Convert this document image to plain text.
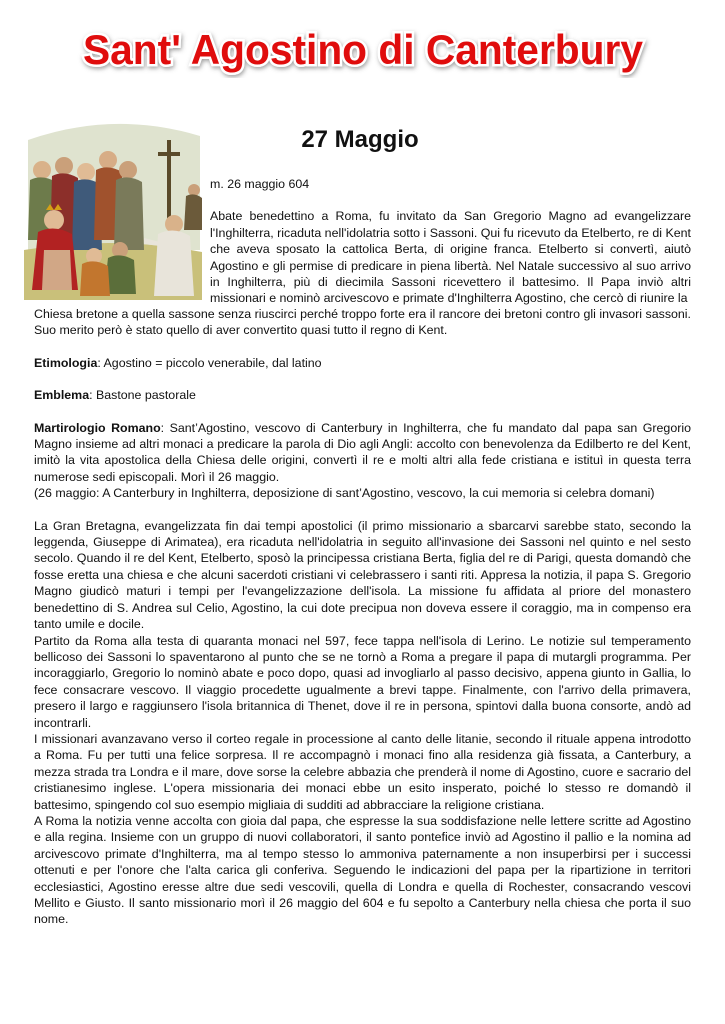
Sant' Agostino di Canterbury
27 Maggio

m. 26 maggio 604

Abate benedettino a Roma, fu invitato da San Gregorio Magno ad evangelizzare l'Inghilterra, ricaduta nell'idolatria sotto i Sassoni. Qui fu ricevuto da Etelberto, re di Kent che aveva sposato la cattolica Berta, di origine franca. Etelberto si convertì, aiutò Agostino e gli permise di predicare in piena libertà. Nel Natale successivo al suo arrivo in Inghilterra, più di diecimila Sassoni ricevettero il battesimo. Il Papa inviò altri missionari e nominò arcivescovo e primate d'Inghilterra Agostino, che cercò di riunire la

Chiesa bretone a quella sassone senza riuscirci perché troppo forte era il rancore dei bretoni contro gli invasori sassoni. Suo merito però è stato quello di aver convertito quasi tutto il regno di Kent.

Etimologia: Agostino = piccolo venerabile, dal latino

Emblema: Bastone pastorale

Martirologio Romano: Sant’Agostino, vescovo di Canterbury in Inghilterra, che fu mandato dal papa san Gregorio Magno insieme ad altri monaci a predicare la parola di Dio agli Angli: accolto con benevolenza da Edilberto re del Kent, imitò la vita apostolica della Chiesa delle origini, convertì il re e molti altri alla fede cristiana e istituì in questa terra numerose sedi episcopali. Morì il 26 maggio.

(26 maggio: A Canterbury in Inghilterra, deposizione di sant’Agostino, vescovo, la cui memoria si celebra domani)

La Gran Bretagna, evangelizzata fin dai tempi apostolici (il primo missionario a sbarcarvi sarebbe stato, secondo la leggenda, Giuseppe di Arimatea), era ricaduta nell'idolatria in seguito all'invasione dei Sassoni nel quinto e nel sesto secolo. Quando il re del Kent, Etelberto, sposò la principessa cristiana Berta, figlia del re di Parigi, questa domandò che fosse eretta una chiesa e che alcuni sacerdoti cristiani vi celebrassero i santi riti. Appresa la notizia, il papa S. Gregorio Magno giudicò maturi i tempi per l'evangelizzazione dell'isola. La missione fu affidata al priore del monastero benedettino di S. Andrea sul Celio, Agostino, la cui dote precipua non doveva essere il coraggio, ma in compenso era tanto umile e docile.

Partito da Roma alla testa di quaranta monaci nel 597, fece tappa nell'isola di Lerino. Le notizie sul temperamento bellicoso dei Sassoni lo spaventarono al punto che se ne tornò a Roma a pregare il papa di mutargli programma. Per incoraggiarlo, Gregorio lo nominò abate e poco dopo, quasi ad invogliarlo al passo decisivo, appena giunto in Gallia, lo fece consacrare vescovo. Il viaggio procedette ugualmente a brevi tappe. Finalmente, con l'arrivo della primavera, presero il largo e raggiunsero l'isola britannica di Thenet, dove il re in persona, spintovi dalla buona consorte, andò ad incontrarli.

I missionari avanzavano verso il corteo regale in processione al canto delle litanie, secondo il rituale appena introdotto a Roma. Fu per tutti una felice sorpresa. Il re accompagnò i monaci fino alla residenza già fissata, a Canterbury, a mezza strada tra Londra e il mare, dove sorse la celebre abbazia che prenderà il nome di Agostino, cuore e sacrario del cristianesimo inglese. L'opera missionaria dei monaci ebbe un esito insperato, poiché lo stesso re domandò il battesimo, spingendo col suo esempio migliaia di sudditi ad abbracciare la religione cristiana.

A Roma la notizia venne accolta con gioia dal papa, che espresse la sua soddisfazione nelle lettere scritte ad Agostino e alla regina. Insieme con un gruppo di nuovi collaboratori, il santo pontefice inviò ad Agostino il pallio e la nomina ad arcivescovo primate d'Inghilterra, ma al tempo stesso lo ammoniva paternamente a non insuperbirsi per i successi ottenuti e per l'onore che l'alta carica gli conferiva. Seguendo le indicazioni del papa per la ripartizione in territori ecclesiastici, Agostino eresse altre due sedi vescovili, quella di Londra e quella di Rochester, consacrando vescovi Mellito e Giusto. Il santo missionario morì il 26 maggio del 604 e fu sepolto a Canterbury nella chiesa che porta il suo nome.
